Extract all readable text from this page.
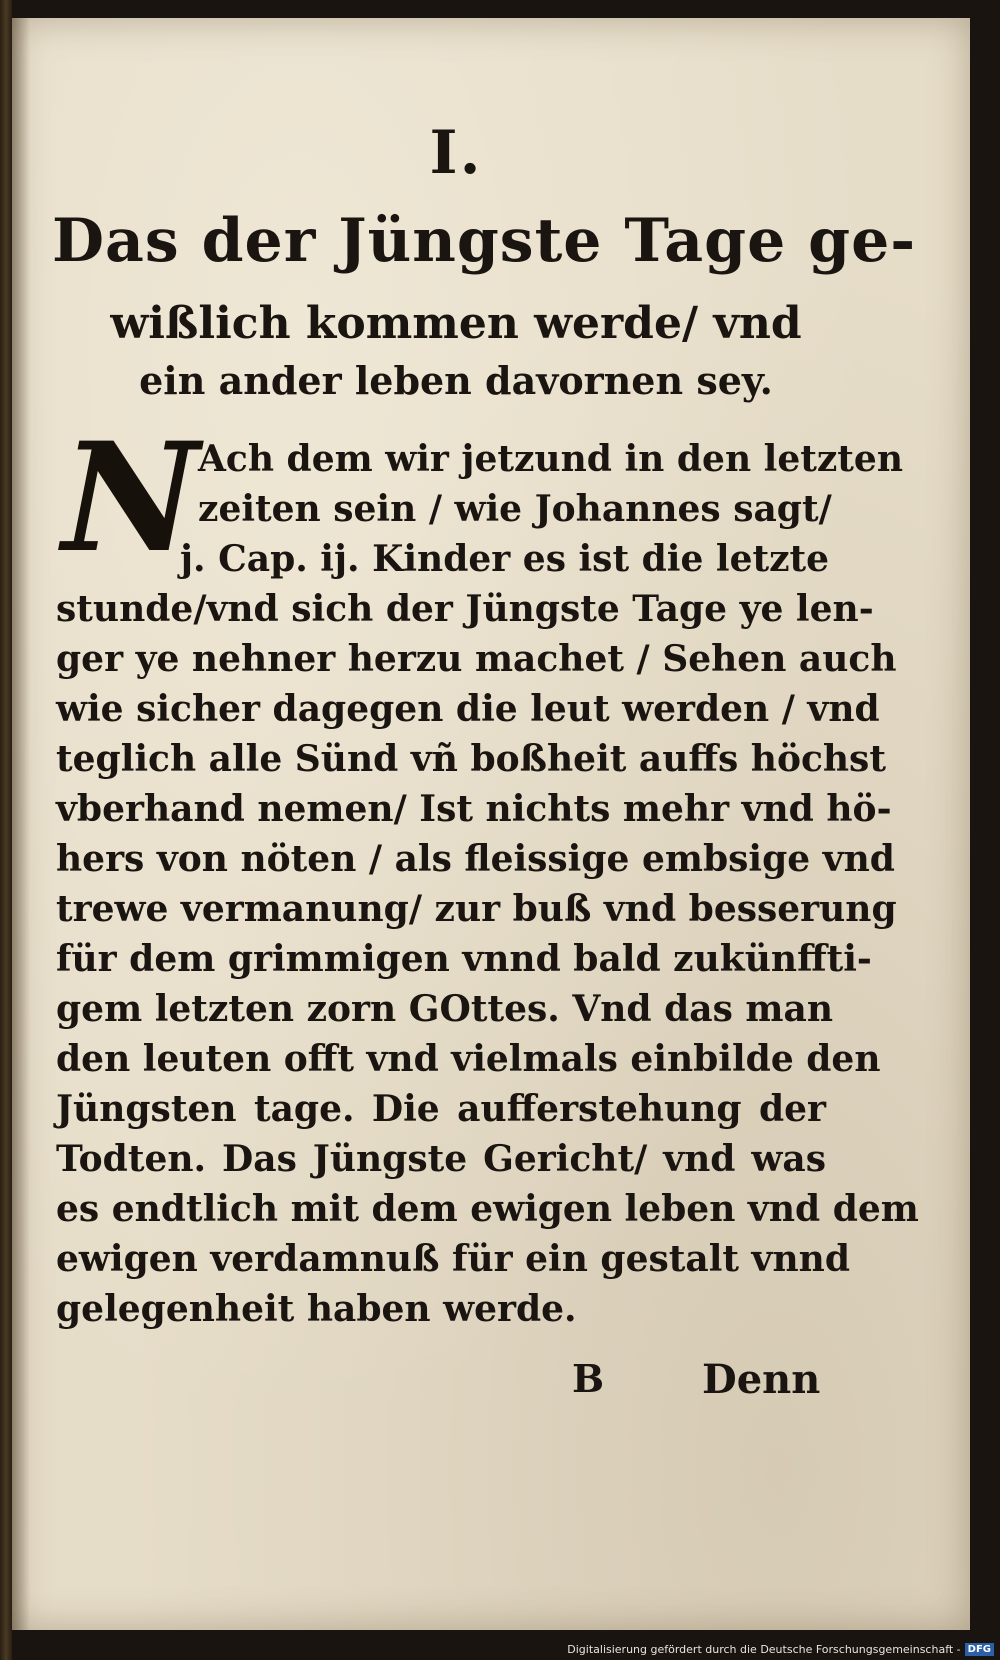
I.
Das der Jüngste Tage ge-
wißlich kommen werde/ vnd
ein ander leben davornen sey.
N
Ach dem wir jetzund in den letzten
zeiten sein / wie Johannes sagt/
j. Cap. ij. Kinder es ist die letzte
stunde/vnd sich der Jüngste Tage ye len-
ger ye nehner herzu machet / Sehen auch
wie sicher dagegen die leut werden / vnd
teglich alle Sünd vñ boßheit auffs höchst
vberhand nemen/ Ist nichts mehr vnd hö-
hers von nöten / als fleissige embsige vnd
trewe vermanung/ zur buß vnd besserung
für dem grimmigen vnnd bald zukünffti-
gem letzten zorn GOttes. Vnd das man
den leuten offt vnd vielmals einbilde den
Jüngsten tage. Die aufferstehung der
Todten. Das Jüngste Gericht/ vnd was
es endtlich mit dem ewigen leben vnd dem
ewigen verdamnuß für ein gestalt vnnd
gelegenheit haben werde.
B Denn
Digitalisierung gefördert durch die Deutsche Forschungsgemeinschaft - DFG
